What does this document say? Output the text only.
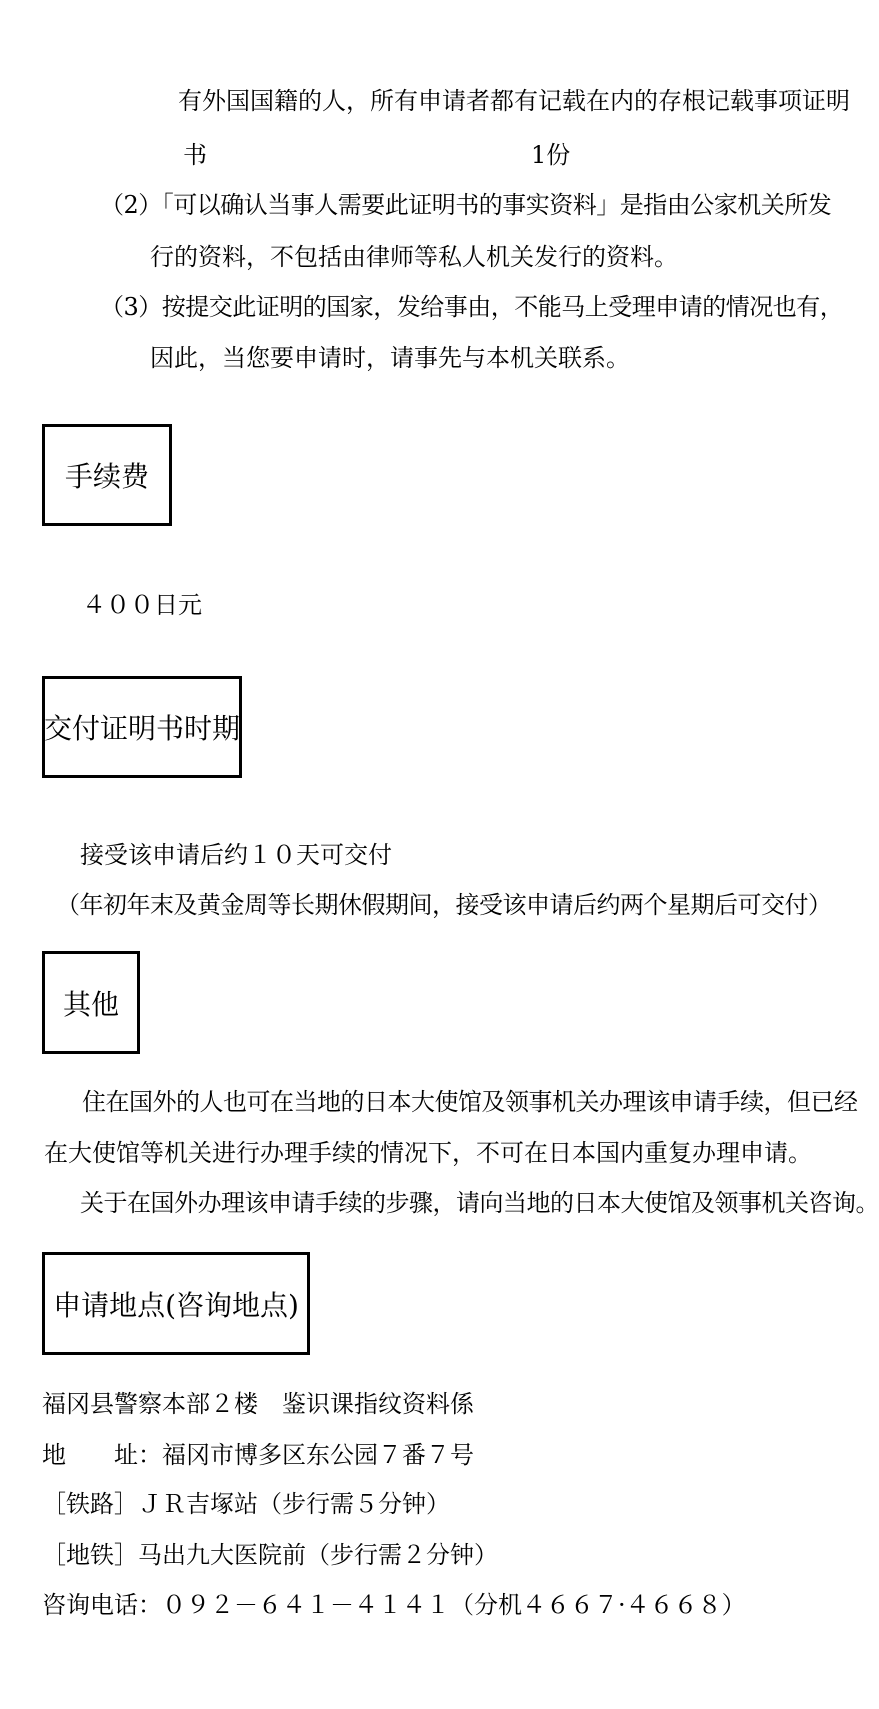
有外国国籍的人，所有申请者都有记载在内的存根记载事项证明
书	1份
（2）「可以确认当事人需要此证明书的事实资料」是指由公家机关所发
行的资料，不包括由律师等私人机关发行的资料。
（3）按提交此证明的国家，发给事由，不能马上受理申请的情况也有，
因此，当您要申请时，请事先与本机关联系。
手续费
４００日元
交付证明书时期
接受该申请后约１０天可交付
（年初年末及黄金周等长期休假期间，接受该申请后约两个星期后可交付）
其他
住在国外的人也可在当地的日本大使馆及领事机关办理该申请手续，但已经
在大使馆等机关进行办理手续的情况下，不可在日本国内重复办理申请。
关于在国外办理该申请手续的步骤，请向当地的日本大使馆及领事机关咨询。
申请地点(咨询地点)
福冈县警察本部２楼　鉴识课指纹资料係
地　　址：福冈市博多区东公园７番７号
［铁路］ＪＲ吉塚站（步行需５分钟）
［地铁］马出九大医院前（步行需２分钟）
咨询电话：０９２－６４１－４１４１（分机４６６７·４６６８）
